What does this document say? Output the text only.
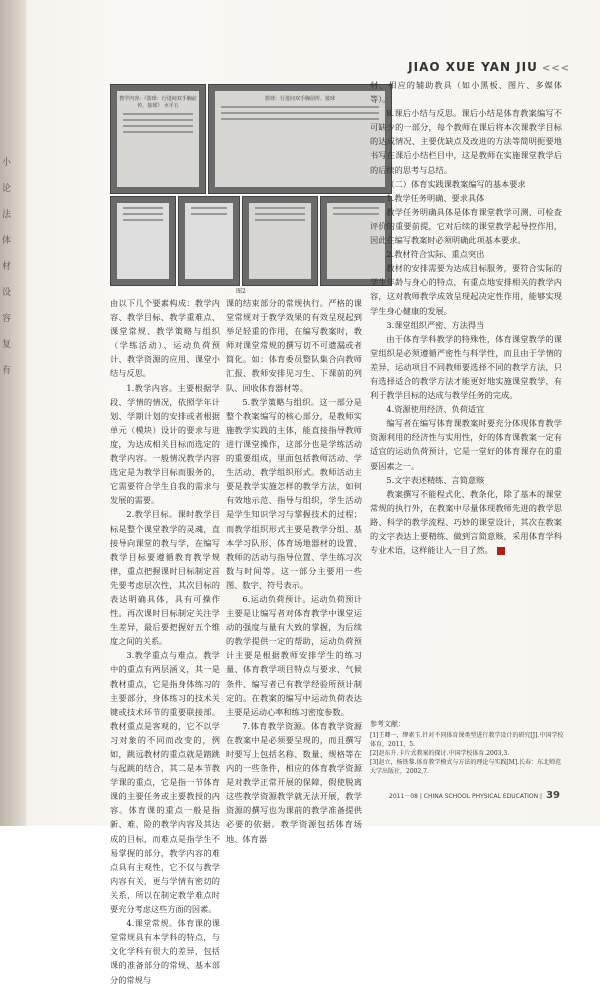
小
论
法
体
材
设
容
复
有
JIAO XUE YAN JIU <<<
教学内容：《篮球：行进间双手胸前传、接球》 水平五
篮球：行进间双手胸前传、接球
图2

由以下几个要素构成：教学内容、教学目标、教学重难点、课堂常规、教学策略与组织（学练活动）、运动负荷预计、教学资源的应用、课堂小结与反思。

1.教学内容。主要根据学段、学情的情况，依照学年计划、学期计划的安排或者根据单元（模块）设计的要求与进度，为达成相关目标而选定的教学内容。一般情况教学内容选定是为教学目标而服务的，它需要符合学生自我的需求与发展的需要。

2.教学目标。课时教学目标是整个课堂教学的灵魂，直接导向课堂的教与学，在编写教学目标要遵循教育教学规律，重点把握课时目标制定首先要考虑层次性，其次目标的表达明确具体，具有可操作性。再次课时目标制定关注学生差异，最后要把握好五个维度之间的关系。

3.教学重点与难点。教学中的重点有两层涵义，其一是教材重点，它是指身体练习的主要部分，身体练习的技术关键或技术环节的重要联接部。教材重点是客观的，它不以学习对象的不同而改变的，例如，跳远教材的重点就是踏跳与起跳的结合，其二是本节教学课的重点，它是指一节体育课的主要任务或主要教授的内容。体育课的重点一般是指新、难、险的教学内容及其达成的目标，而难点是指学生不易掌握的部分，教学内容的难点具有主观性，它不仅与教学内容有关，更与学情有密切的关系，所以在制定教学难点时要充分考虑这些方面的因素。

4.课堂常规。体育课的课堂常规具有本学科的特点，与文化学科有很大的差异，包括课的准备部分的常规、基本部分的常规与

课的结束部分的常规执行。严格的课堂常规对于教学效果的有效呈现起到举足轻重的作用，在编写教案时，教师对课堂常规的撰写切不可遗漏或者简化。如：体育委员整队集合向教师汇报、教师安排见习生、下课前的列队、回收体育器材等。

5.教学策略与组织。这一部分是整个教案编写的核心部分，是教师实施教学实践的主体，能直接指导教师进行课堂操作，这部分也是学练活动的重要组成，里面包括教师活动、学生活动、教学组织形式。教师活动主要是教学实施怎样的教学方法，如何有效地示范、指导与组织，学生活动是学生知识学习与掌握技术的过程；而教学组织形式主要是教学分组、基本学习队形、体育场地器材的设置、教师的活动与指导位置、学生练习次数与时间等。这一部分主要用一些图、数字、符号表示。

6.运动负荷预计。运动负荷预计主要是让编写者对体育教学中课堂运动的强度与量有大致的掌握，为后续的教学提供一定的帮助，运动负荷预计主要是根据教师安排学生的练习量、体育教学项目特点与要求、气候条件、编写者已有教学经验所预计制定的。在教案的编写中运动负荷表达主要是运动心率和练习密度参数。

7.体育教学资源。体育教学资源在教案中是必须要呈现的，而且撰写时要写上包括名称、数量、规格等在内的一些条件，相应的体育教学资源是对教学正常开展的保障，假使脱离这些教学资源教学就无法开展，教学资源的撰写也为课前的教学准备提供必要的依据。教学资源包括体育场地、体育器

材、相应的辅助教具（如小黑板、图片、多媒体等）。

8.课后小结与反思。课后小结是体育教案编写不可缺少的一部分，每个教师在课后将本次课教学目标的达成情况、主要优缺点及改进的方法等简明扼要地书写在课后小结栏目中，这是教师在实施课堂教学后的后续的思考与总结。

（二）体育实践课教案编写的基本要求

1.教学任务明确、要求具体

教学任务明确具体是体育课堂教学可测、可检查评价的重要前提，它对后续的课堂教学起导控作用，因此在编写教案时必须明确此项基本要求。

2.教材符合实际、重点突出

教材的安排需要为达成目标服务，要符合实际的学生年龄与身心的特点，有重点地安排相关的教学内容，这对教师教学成效呈现起决定性作用，能够实现学生身心健康的发展。

3.课堂组织严密、方法得当

由于体育学科教学的特殊性，体育课堂教学的课堂组织是必须遵循严密性与科学性，而且由于学情的差异，运动项目不同教师要选择不同的教学方法，只有选择适合的教学方法才能更好地实施课堂教学，有利于教学目标的达成与教学任务的完成。

4.资源使用经济、负荷适宜

编写者在编写体育课教案时要充分体现体育教学资源利用的经济性与实用性，好的体育课教案一定有适宜的运动负荷预计，它是一堂好的体育课存在的重要因素之一。

5.文字表述精练、言简意赅

教案撰写不能程式化、教条化，除了基本的课堂常规的执行外，在教案中尽量体现教师先进的教学思路、科学的教学流程、巧妙的课堂设计，其次在教案的文字表达上要精练、做到言简意赅，采用体育学科专业术语，这样能让人一目了然。

参考文献：
[1]王卿一，缪素玉.针对不同体育课类型进行教学设计的研究[J].中国学校体育，2011，5.
[2]赵东升.卡片式教案的探讨.中国学校体育.2003,3.
[3]赵立，杨铁黎.体育教学模式与方法的理论与实践[M].长春：东北师范大学出版社，2002,7.
2011－08 | CHINA SCHOOL PHYSICAL EDUCATION | 39
